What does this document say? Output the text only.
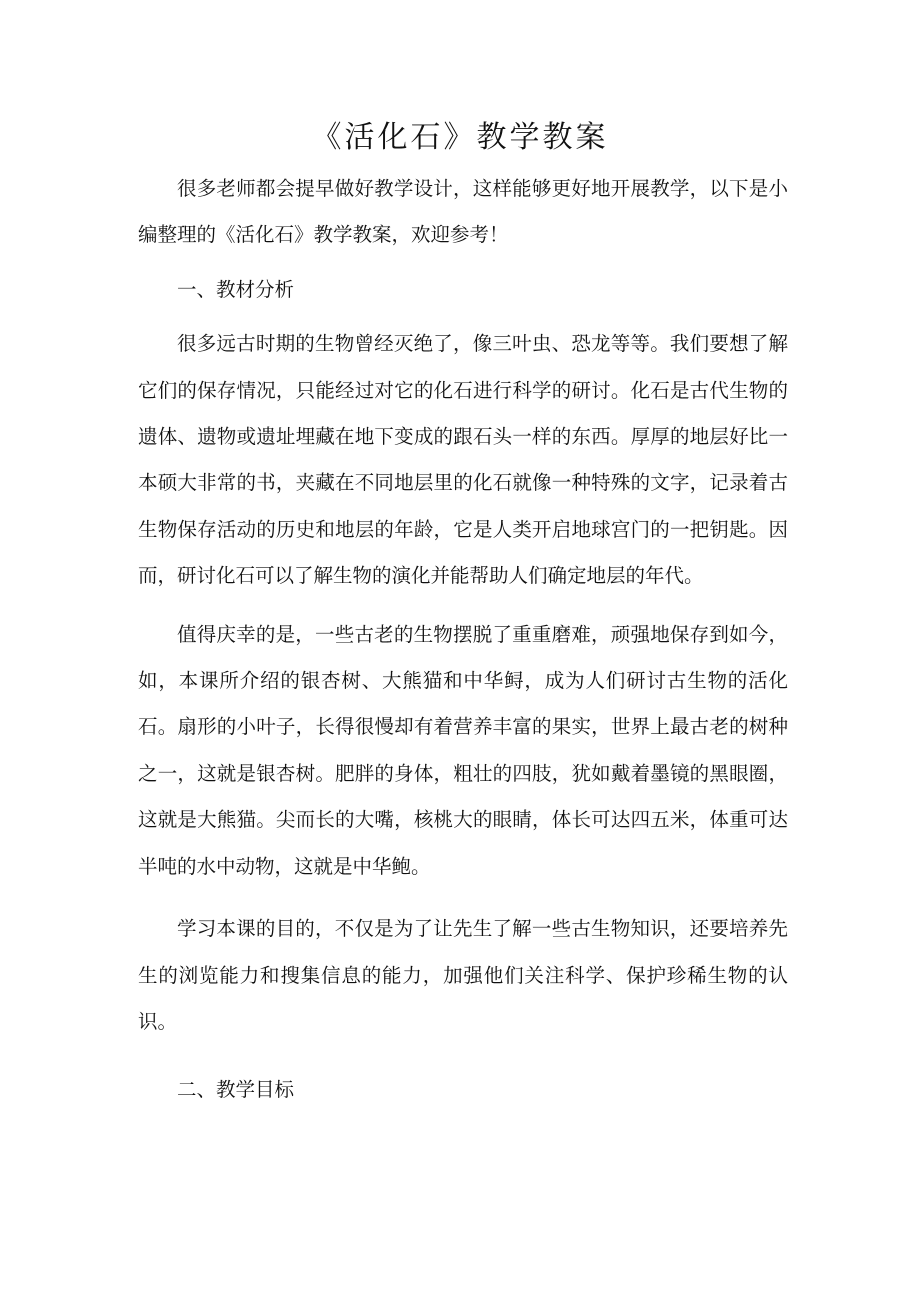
《活化石》教学教案

很多老师都会提早做好教学设计，这样能够更好地开展教学，以下是小编整理的《活化石》教学教案，欢迎参考！

一、教材分析

很多远古时期的生物曾经灭绝了，像三叶虫、恐龙等等。我们要想了解它们的保存情况，只能经过对它的化石进行科学的研讨。化石是古代生物的遗体、遗物或遗址埋藏在地下变成的跟石头一样的东西。厚厚的地层好比一本硕大非常的书，夹藏在不同地层里的化石就像一种特殊的文字，记录着古生物保存活动的历史和地层的年龄，它是人类开启地球宫门的一把钥匙。因而，研讨化石可以了解生物的演化并能帮助人们确定地层的年代。

值得庆幸的是，一些古老的生物摆脱了重重磨难，顽强地保存到如今，如，本课所介绍的银杏树、大熊猫和中华鲟，成为人们研讨古生物的活化石。扇形的小叶子，长得很慢却有着营养丰富的果实，世界上最古老的树种之一，这就是银杏树。肥胖的身体，粗壮的四肢，犹如戴着墨镜的黑眼圈，这就是大熊猫。尖而长的大嘴，核桃大的眼睛，体长可达四五米，体重可达半吨的水中动物，这就是中华鲍。

学习本课的目的，不仅是为了让先生了解一些古生物知识，还要培养先生的浏览能力和搜集信息的能力，加强他们关注科学、保护珍稀生物的认识。

二、教学目标
